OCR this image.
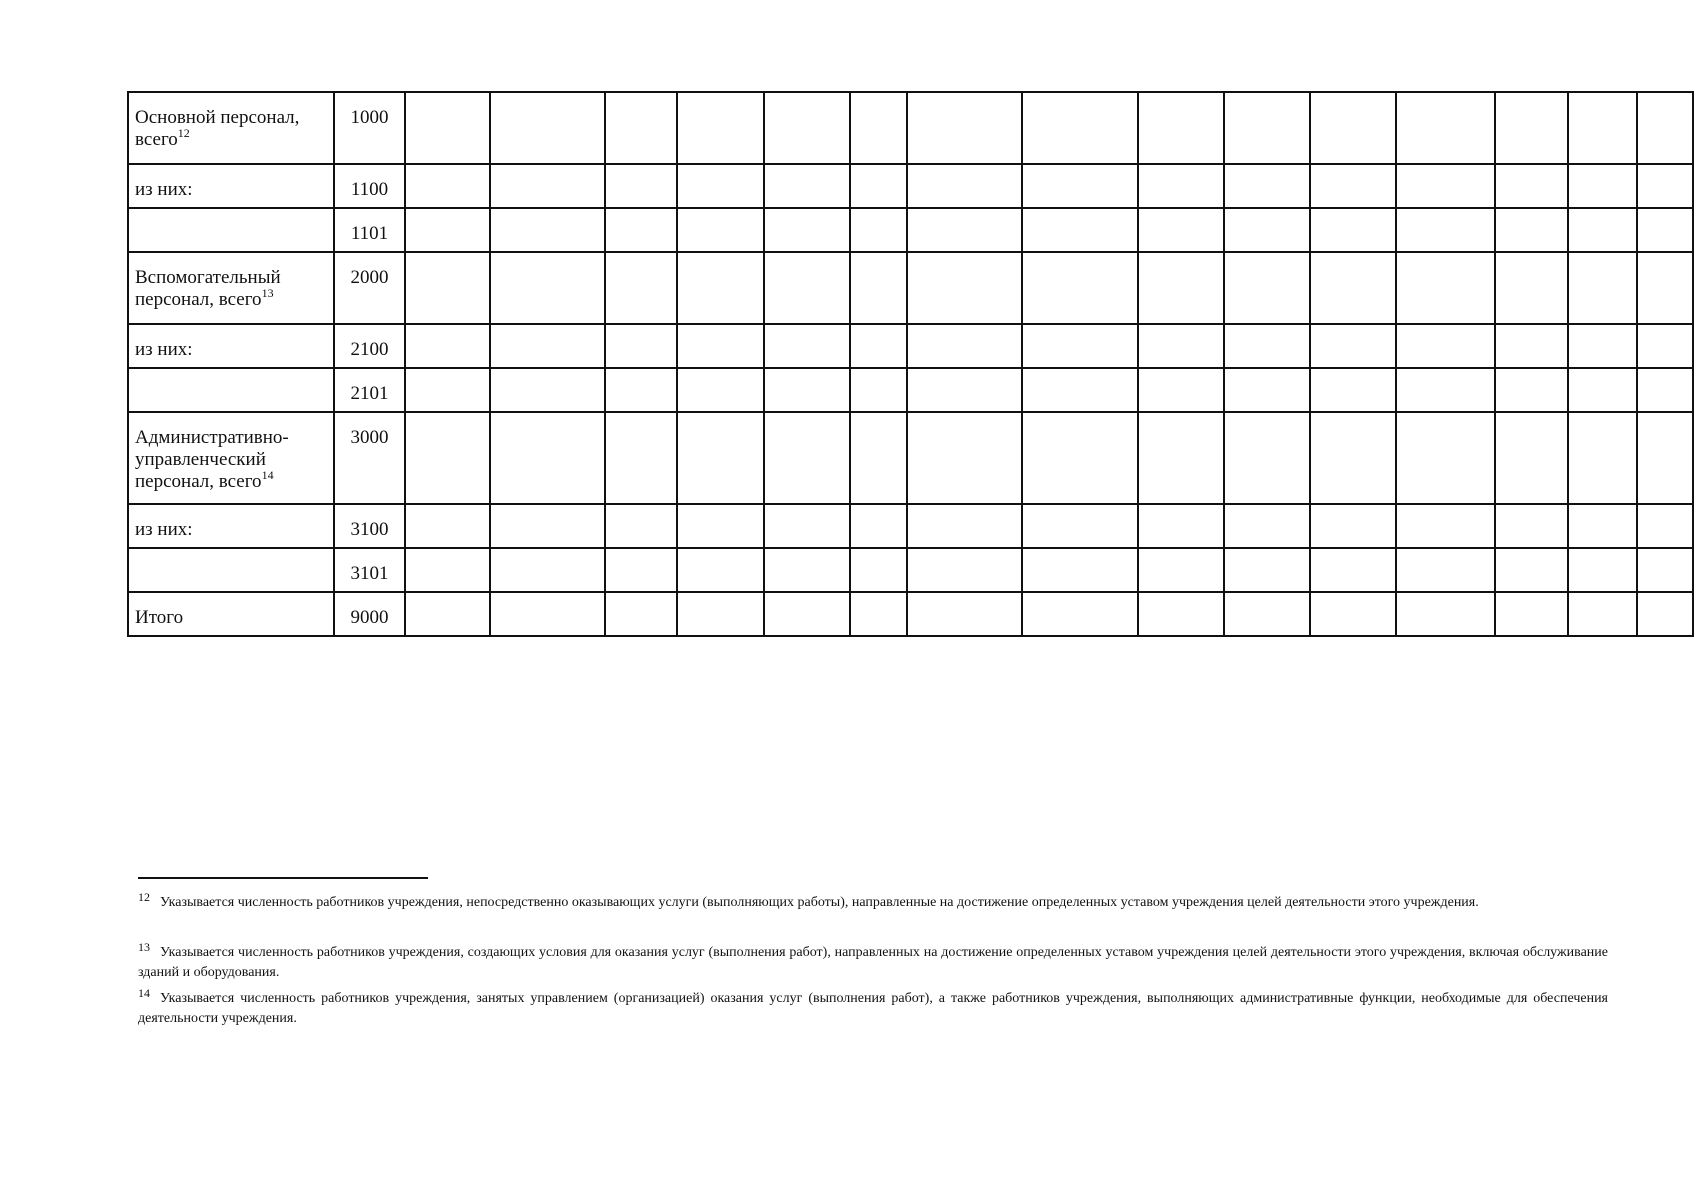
Основной персонал, всего$^{12}$	1000															
из них:	1100															
	1101															
Вспомогательный персонал, всего$^{13}$	2000															
из них:	2100															
	2101															
Административно-управленческий персонал, всего$^{14}$	3000															
из них:	3100															
	3101															
Итого	9000															

12 Указывается численность работников учреждения, непосредственно оказывающих услуги (выполняющих работы), направленные на достижение определенных уставом учреждения целей деятельности этого учреждения.

13 Указывается численность работников учреждения, создающих условия для оказания услуг (выполнения работ), направленных на достижение определенных уставом учреждения целей деятельности этого учреждения, включая обслуживание зданий и оборудования.

14 Указывается численность работников учреждения, занятых управлением (организацией) оказания услуг (выполнения работ), а также работников учреждения, выполняющих административные функции, необходимые для обеспечения деятельности учреждения.
